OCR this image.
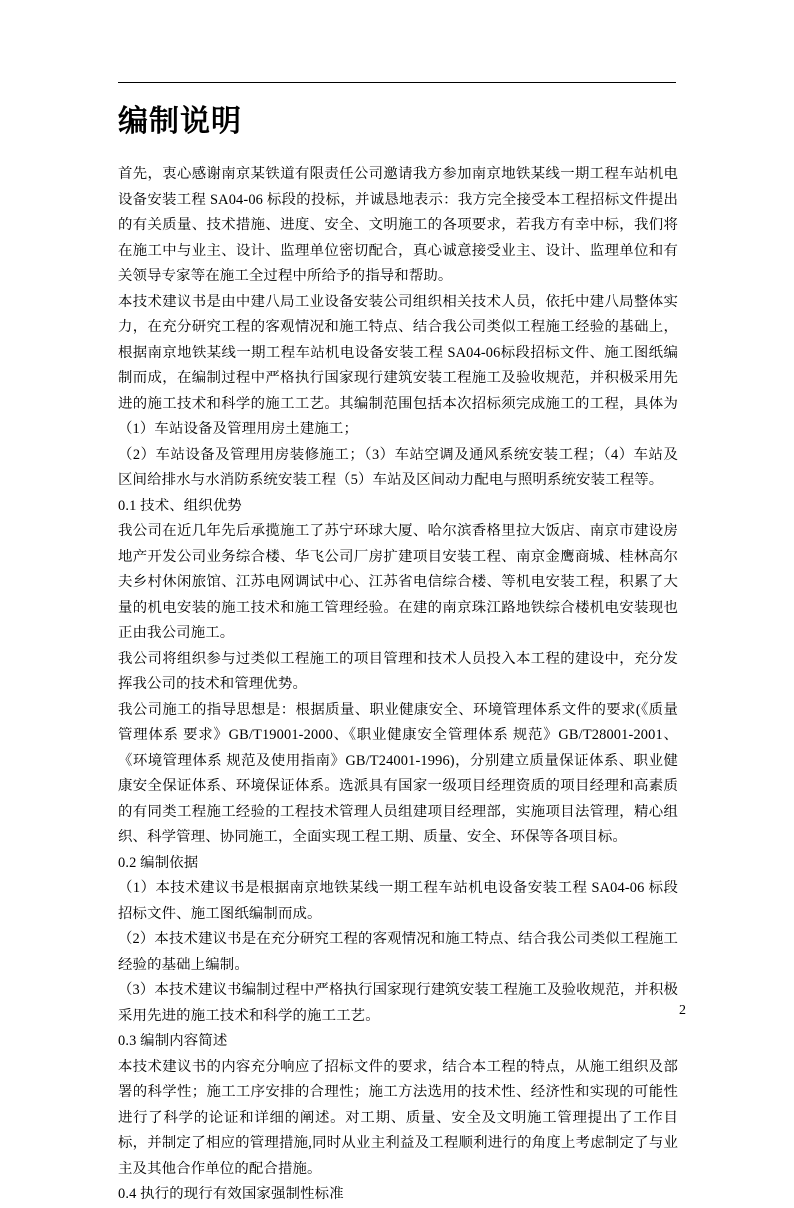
编制说明

首先，衷心感谢南京某铁道有限责任公司邀请我方参加南京地铁某线一期工程车站机电设备安装工程 SA04-06 标段的投标，并诚恳地表示：我方完全接受本工程招标文件提出的有关质量、技术措施、进度、安全、文明施工的各项要求，若我方有幸中标，我们将在施工中与业主、设计、监理单位密切配合，真心诚意接受业主、设计、监理单位和有关领导专家等在施工全过程中所给予的指导和帮助。

本技术建议书是由中建八局工业设备安装公司组织相关技术人员，依托中建八局整体实力，在充分研究工程的客观情况和施工特点、结合我公司类似工程施工经验的基础上，根据南京地铁某线一期工程车站机电设备安装工程 SA04-06标段招标文件、施工图纸编制而成，在编制过程中严格执行国家现行建筑安装工程施工及验收规范，并积极采用先进的施工技术和科学的施工工艺。其编制范围包括本次招标须完成施工的工程，具体为（1）车站设备及管理用房土建施工；

（2）车站设备及管理用房装修施工；（3）车站空调及通风系统安装工程；（4）车站及区间给排水与水消防系统安装工程（5）车站及区间动力配电与照明系统安装工程等。

0.1 技术、组织优势

我公司在近几年先后承揽施工了苏宁环球大厦、哈尔滨香格里拉大饭店、南京市建设房地产开发公司业务综合楼、华飞公司厂房扩建项目安装工程、南京金鹰商城、桂林高尔夫乡村休闲旅馆、江苏电网调试中心、江苏省电信综合楼、等机电安装工程，积累了大量的机电安装的施工技术和施工管理经验。在建的南京珠江路地铁综合楼机电安装现也正由我公司施工。

我公司将组织参与过类似工程施工的项目管理和技术人员投入本工程的建设中，充分发挥我公司的技术和管理优势。

我公司施工的指导思想是：根据质量、职业健康安全、环境管理体系文件的要求(《质量管理体系 要求》GB/T19001-2000、《职业健康安全管理体系 规范》GB/T28001-2001、《环境管理体系 规范及使用指南》GB/T24001-1996)，分别建立质量保证体系、职业健康安全保证体系、环境保证体系。选派具有国家一级项目经理资质的项目经理和高素质的有同类工程施工经验的工程技术管理人员组建项目经理部，实施项目法管理，精心组织、科学管理、协同施工，全面实现工程工期、质量、安全、环保等各项目标。

0.2 编制依据

（1）本技术建议书是根据南京地铁某线一期工程车站机电设备安装工程 SA04-06 标段招标文件、施工图纸编制而成。

（2）本技术建议书是在充分研究工程的客观情况和施工特点、结合我公司类似工程施工经验的基础上编制。

（3）本技术建议书编制过程中严格执行国家现行建筑安装工程施工及验收规范，并积极采用先进的施工技术和科学的施工工艺。

0.3 编制内容简述

本技术建议书的内容充分响应了招标文件的要求，结合本工程的特点，从施工组织及部署的科学性；施工工序安排的合理性；施工方法选用的技术性、经济性和实现的可能性进行了科学的论证和详细的阐述。对工期、质量、安全及文明施工管理提出了工作目标，并制定了相应的管理措施,同时从业主利益及工程顺利进行的角度上考虑制定了与业主及其他合作单位的配合措施。

0.4 执行的现行有效国家强制性标准

2
